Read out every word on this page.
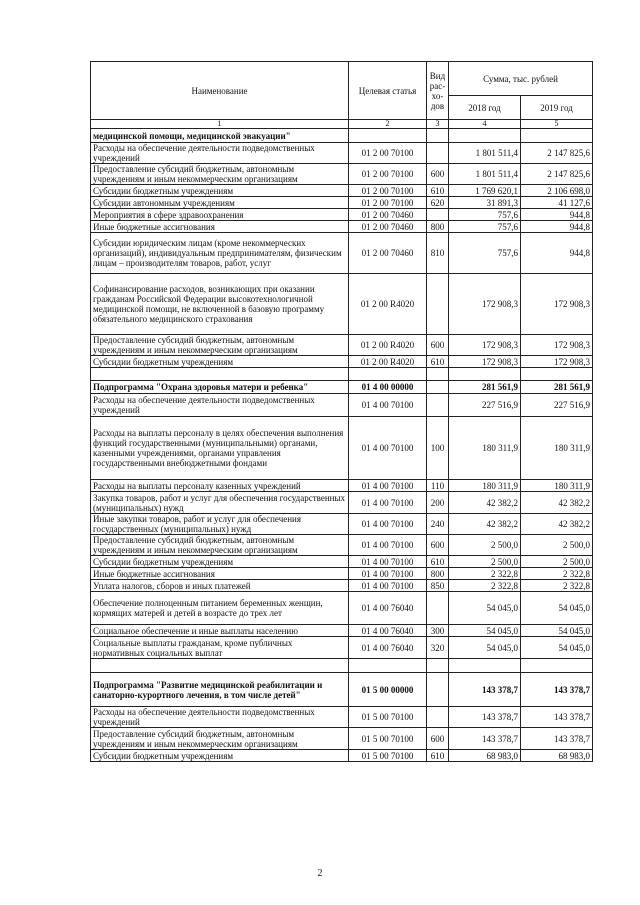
Наименование	Целевая статья	Вид рас-хо-дов	Сумма, тыс. рублей	
			2018 год	2019 год
1	2	3	4	5
медицинской помощи, медицинской эвакуации"				
Расходы на обеспечение деятельности подведомственных учреждений	01 2 00 70100		1 801 511,4	2 147 825,6
Предоставление субсидий бюджетным, автономным учреждениям и иным некоммерческим организациям	01 2 00 70100	600	1 801 511,4	2 147 825,6
Субсидии бюджетным учреждениям	01 2 00 70100	610	1 769 620,1	2 106 698,0
Субсидии автономным учреждениям	01 2 00 70100	620	31 891,3	41 127,6
Мероприятия в сфере здравоохранения	01 2 00 70460		757,6	944,8
Иные бюджетные ассигнования	01 2 00 70460	800	757,6	944,8
Субсидии юридическим лицам (кроме некоммерческих организаций), индивидуальным предпринимателям, физическим лицам – производителям товаров, работ, услуг	01 2 00 70460	810	757,6	944,8
Софинансирование расходов, возникающих при оказании гражданам Российской Федерации высокотехнологичной медицинской помощи, не включенной в базовую программу обязательного медицинского страхования	01 2 00 R4020		172 908,3	172 908,3
Предоставление субсидий бюджетным, автономным учреждениям и иным некоммерческим организациям	01 2 00 R4020	600	172 908,3	172 908,3
Субсидии бюджетным учреждениям	01 2 00 R4020	610	172 908,3	172 908,3

Подпрограмма "Охрана здоровья матери и ребенка"	01 4 00 00000		281 561,9	281 561,9
Расходы на обеспечение деятельности подведомственных учреждений	01 4 00 70100		227 516,9	227 516,9
Расходы на выплаты персоналу в целях обеспечения выполнения функций государственными (муниципальными) органами, казенными учреждениями, органами управления государственными внебюджетными фондами	01 4 00 70100	100	180 311,9	180 311,9
Расходы на выплаты персоналу казенных учреждений	01 4 00 70100	110	180 311,9	180 311,9
Закупка товаров, работ и услуг для обеспечения государственных (муниципальных) нужд	01 4 00 70100	200	42 382,2	42 382,2
Иные закупки товаров, работ и услуг для обеспечения государственных (муниципальных) нужд	01 4 00 70100	240	42 382,2	42 382,2
Предоставление субсидий бюджетным, автономным учреждениям и иным некоммерческим организациям	01 4 00 70100	600	2 500,0	2 500,0
Субсидии бюджетным учреждениям	01 4 00 70100	610	2 500,0	2 500,0
Иные бюджетные ассигнования	01 4 00 70100	800	2 322,8	2 322,8
Уплата налогов, сборов и иных платежей	01 4 00 70100	850	2 322,8	2 322,8
Обеспечение полноценным питанием беременных женщин, кормящих матерей и детей в возрасте до трех лет	01 4 00 76040		54 045,0	54 045,0
Социальное обеспечение и иные выплаты населению	01 4 00 76040	300	54 045,0	54 045,0
Социальные выплаты гражданам, кроме публичных нормативных социальных выплат	01 4 00 76040	320	54 045,0	54 045,0

Подпрограмма "Развитие медицинской реабилитации и санаторно-курортного лечения, в том числе детей"	01 5 00 00000		143 378,7	143 378,7
Расходы на обеспечение деятельности подведомственных учреждений	01 5 00 70100		143 378,7	143 378,7
Предоставление субсидий бюджетным, автономным учреждениям и иным некоммерческим организациям	01 5 00 70100	600	143 378,7	143 378,7
Субсидии бюджетным учреждениям	01 5 00 70100	610	68 983,0	68 983,0
2
